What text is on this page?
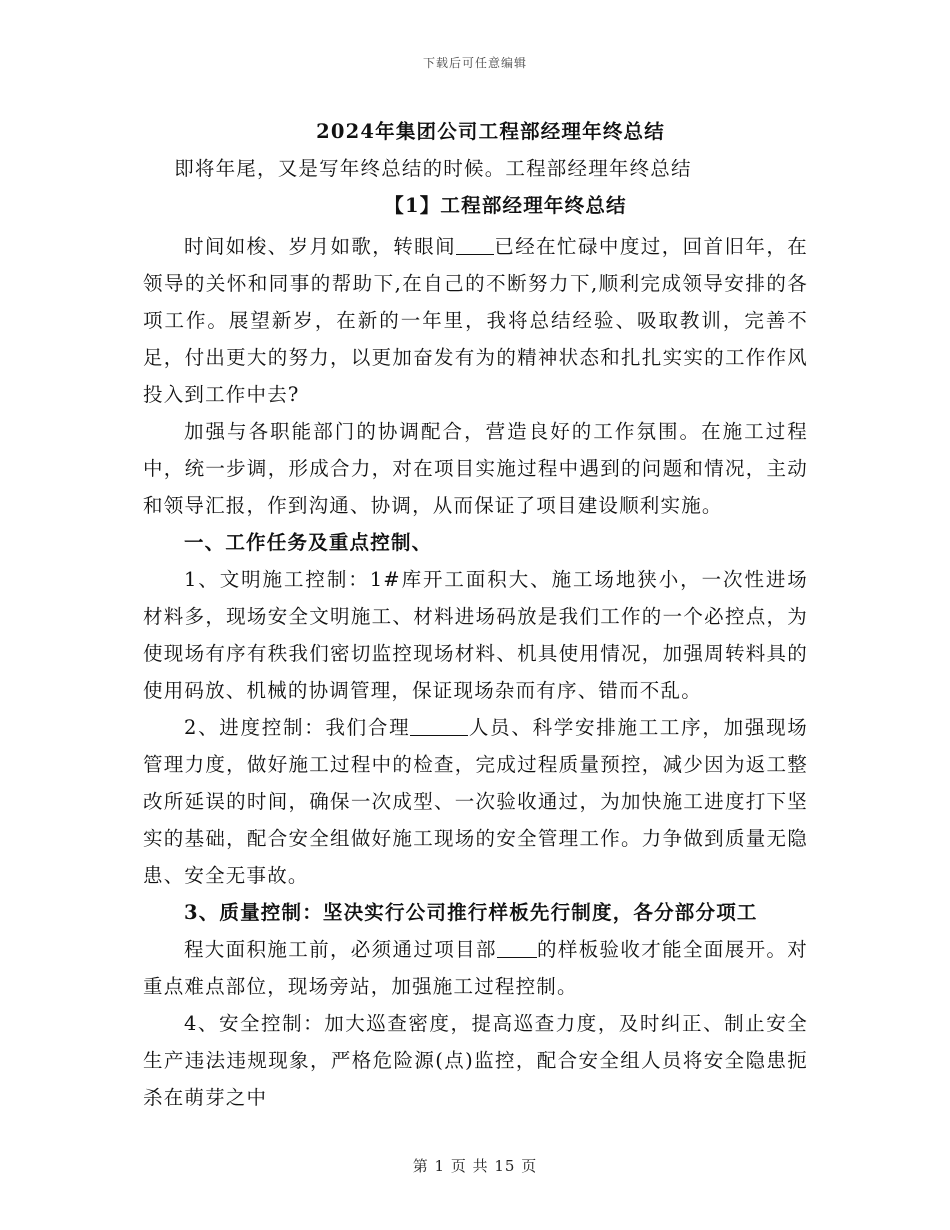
下载后可任意编辑

2024年集团公司工程部经理年终总结

即将年尾，又是写年终总结的时候。工程部经理年终总结

【1】工程部经理年终总结

时间如梭、岁月如歌，转眼间 已经在忙碌中度过，回首旧年，在领导的关怀和同事的帮助下,在自己的不断努力下,顺利完成领导安排的各项工作。展望新岁，在新的一年里，我将总结经验、吸取教训，完善不足，付出更大的努力，以更加奋发有为的精神状态和扎扎实实的工作作风投入到工作中去?

加强与各职能部门的协调配合，营造良好的工作氛围。在施工过程中，统一步调，形成合力，对在项目实施过程中遇到的问题和情况，主动和领导汇报，作到沟通、协调，从而保证了项目建设顺利实施。

一、工作任务及重点控制、

1、文明施工控制：1#库开工面积大、施工场地狭小，一次性进场材料多，现场安全文明施工、材料进场码放是我们工作的一个必控点，为使现场有序有秩我们密切监控现场材料、机具使用情况，加强周转料具的使用码放、机械的协调管理，保证现场杂而有序、错而不乱。

2、进度控制：我们合理	人员、科学安排施工工序，加强现场管理力度，做好施工过程中的检查，完成过程质量预控，减少因为返工整改所延误的时间，确保一次成型、一次验收通过，为加快施工进度打下坚实的基础，配合安全组做好施工现场的安全管理工作。力争做到质量无隐患、安全无事故。

3、质量控制：坚决实行公司推行样板先行制度，各分部分项工

程大面积施工前，必须通过项目部 的样板验收才能全面展开。对重点难点部位，现场旁站，加强施工过程控制。

4、安全控制：加大巡查密度，提高巡查力度，及时纠正、制止安全生产违法违规现象，严格危险源(点)监控，配合安全组人员将安全隐患扼杀在萌芽之中

第 1 页 共 15 页
